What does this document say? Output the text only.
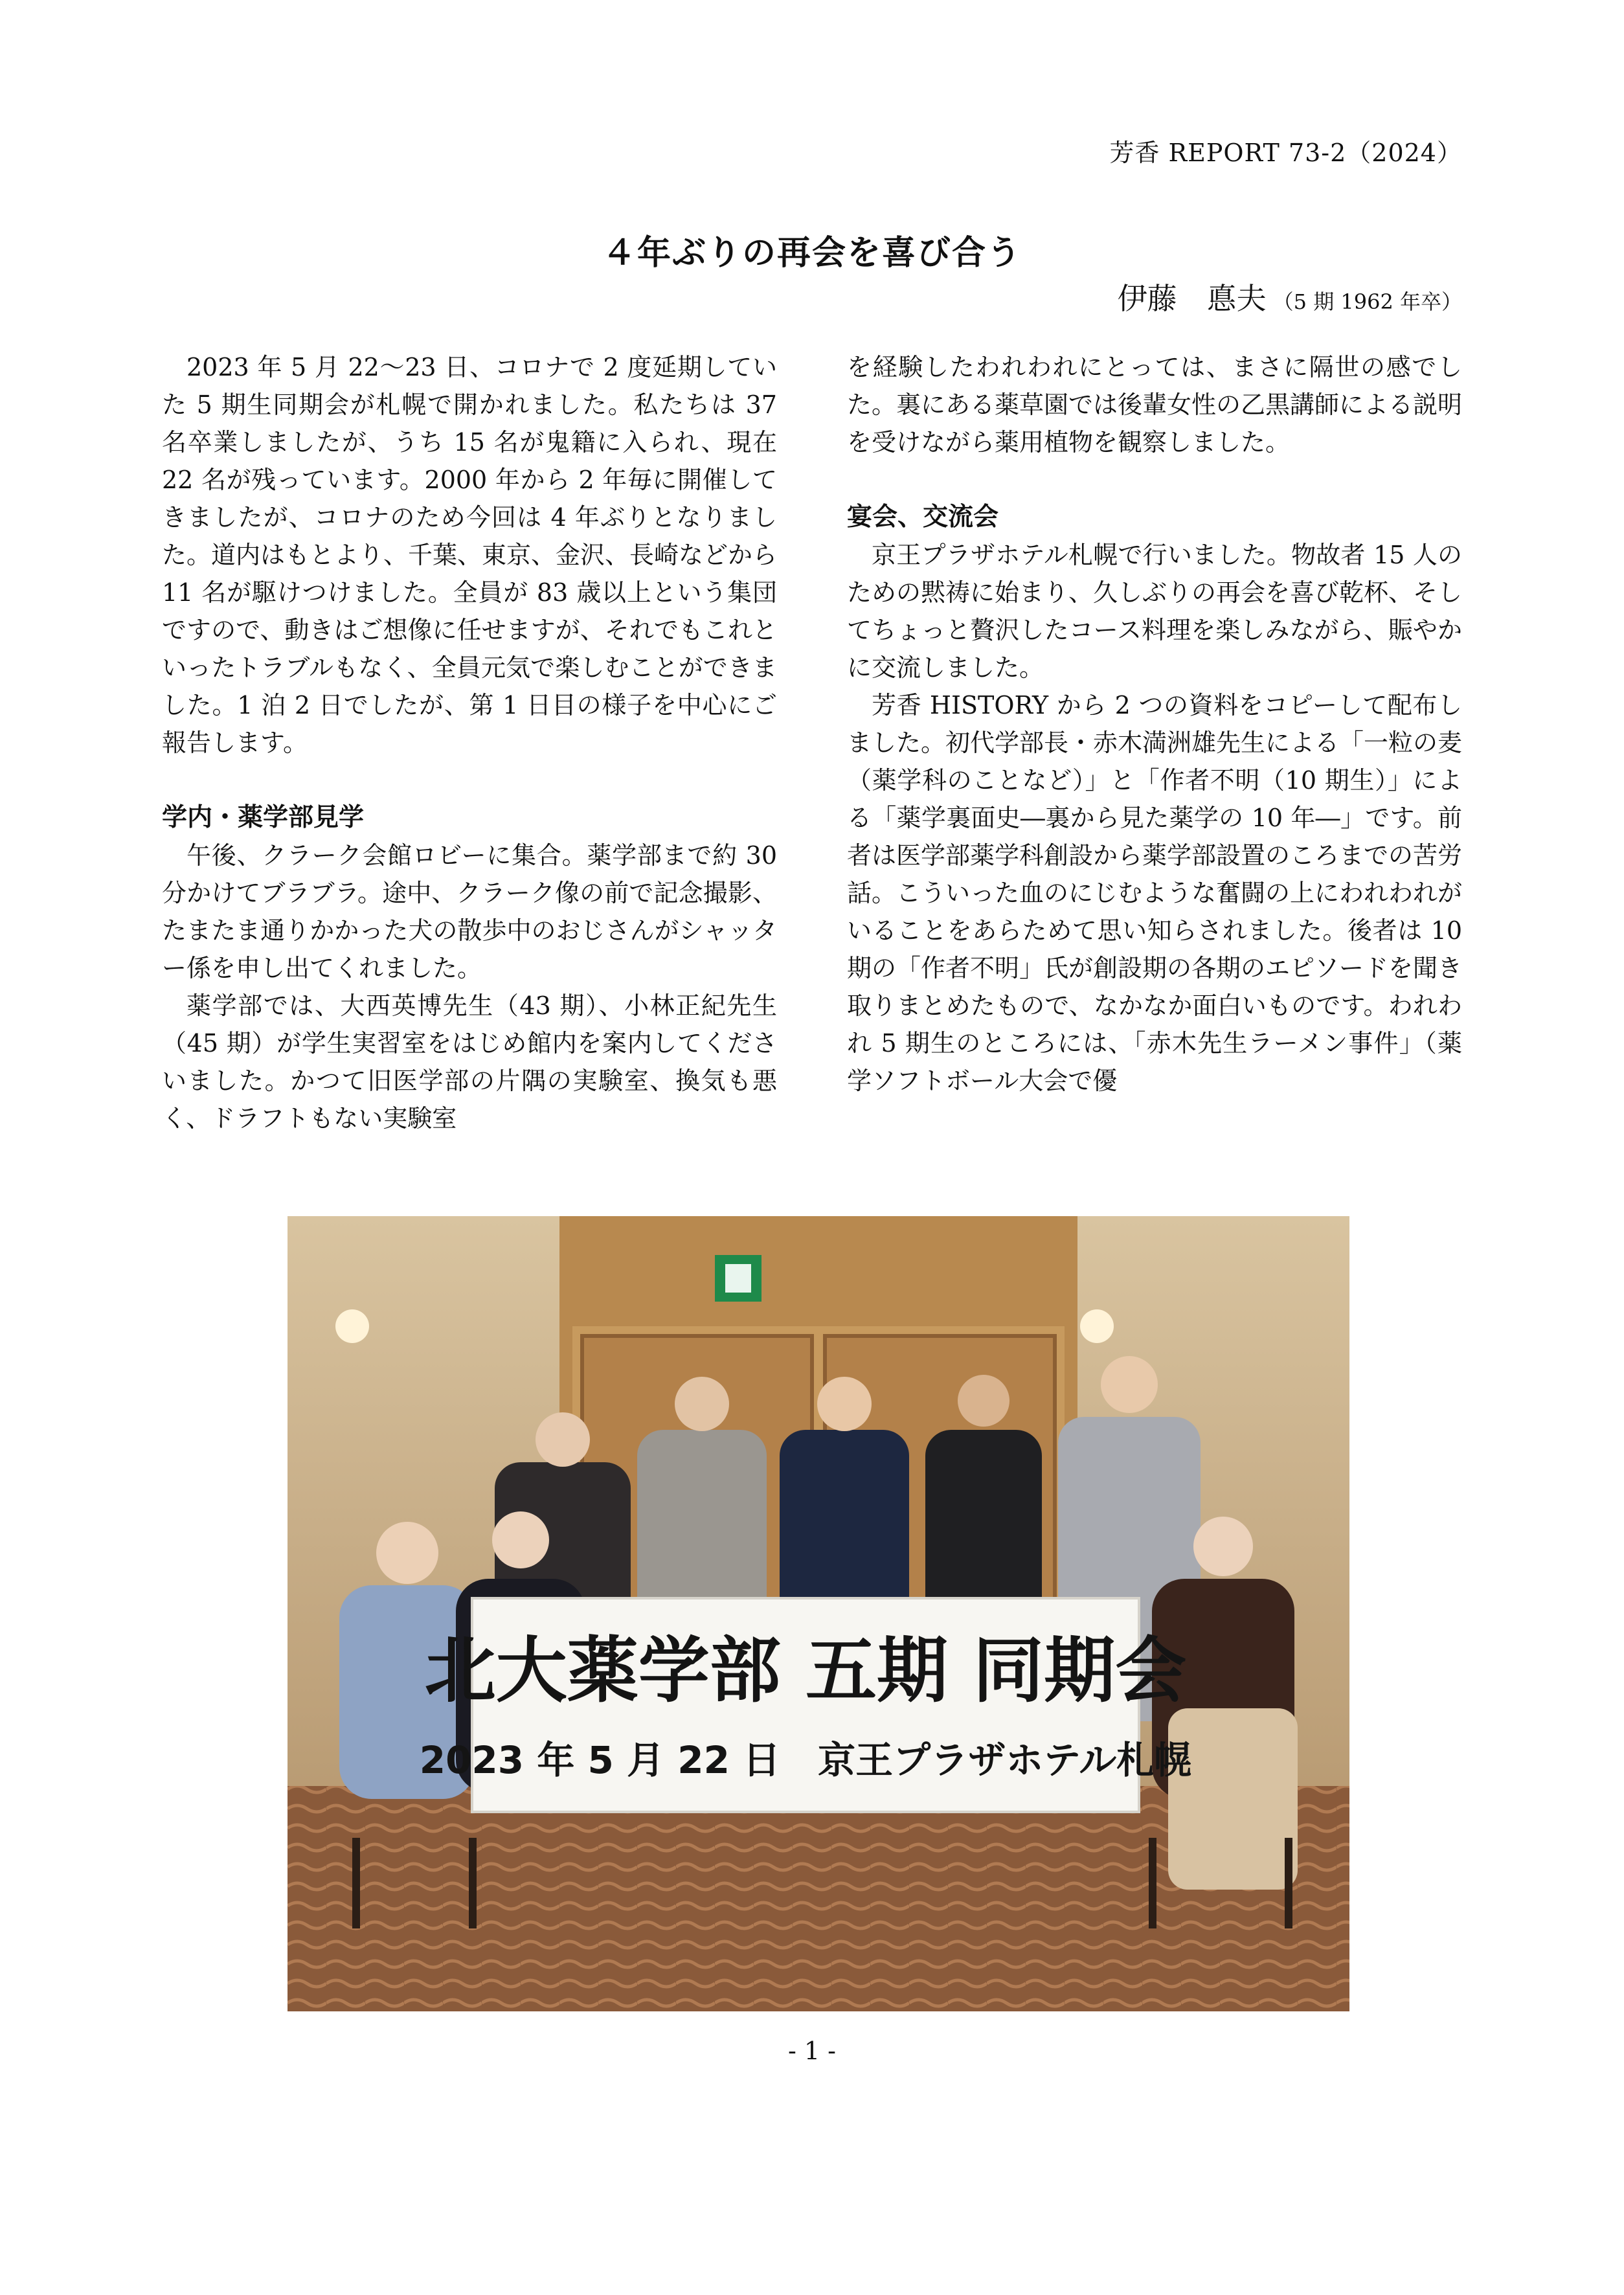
芳香 REPORT 73-2（2024）
４年ぶりの再会を喜び合う
伊藤　悳夫 （5 期 1962 年卒）

2023 年 5 月 22～23 日、コロナで 2 度延期していた 5 期生同期会が札幌で開かれました。私たちは 37 名卒業しましたが、うち 15 名が鬼籍に入られ、現在 22 名が残っています。2000 年から 2 年毎に開催してきましたが、コロナのため今回は 4 年ぶりとなりました。道内はもとより、千葉、東京、金沢、長崎などから 11 名が駆けつけました。全員が 83 歳以上という集団ですので、動きはご想像に任せますが、それでもこれといったトラブルもなく、全員元気で楽しむことができました。1 泊 2 日でしたが、第 1 日目の様子を中心にご報告します。

学内・薬学部見学

午後、クラーク会館ロビーに集合。薬学部まで約 30 分かけてブラブラ。途中、クラーク像の前で記念撮影、たまたま通りかかった犬の散歩中のおじさんがシャッター係を申し出てくれました。

薬学部では、大西英博先生（43 期）、小林正紀先生（45 期）が学生実習室をはじめ館内を案内してくださいました。かつて旧医学部の片隅の実験室、換気も悪く、ドラフトもない実験室

を経験したわれわれにとっては、まさに隔世の感でした。裏にある薬草園では後輩女性の乙黒講師による説明を受けながら薬用植物を観察しました。

宴会、交流会

京王プラザホテル札幌で行いました。物故者 15 人のための黙祷に始まり、久しぶりの再会を喜び乾杯、そしてちょっと贅沢したコース料理を楽しみながら、賑やかに交流しました。

芳香 HISTORY から 2 つの資料をコピーして配布しました。初代学部長・赤木満洲雄先生による「一粒の麦（薬学科のことなど）」と「作者不明（10 期生）」による「薬学裏面史―裏から見た薬学の 10 年―」です。前者は医学部薬学科創設から薬学部設置のころまでの苦労話。こういった血のにじむような奮闘の上にわれわれがいることをあらためて思い知らされました。後者は 10 期の「作者不明」氏が創設期の各期のエピソードを聞き取りまとめたもので、なかなか面白いものです。われわれ 5 期生のところには、「赤木先生ラーメン事件」（薬学ソフトボール大会で優

北大薬学部 五期 同期会
2023 年 5 月 22 日　京王プラザホテル札幌
- 1 -
